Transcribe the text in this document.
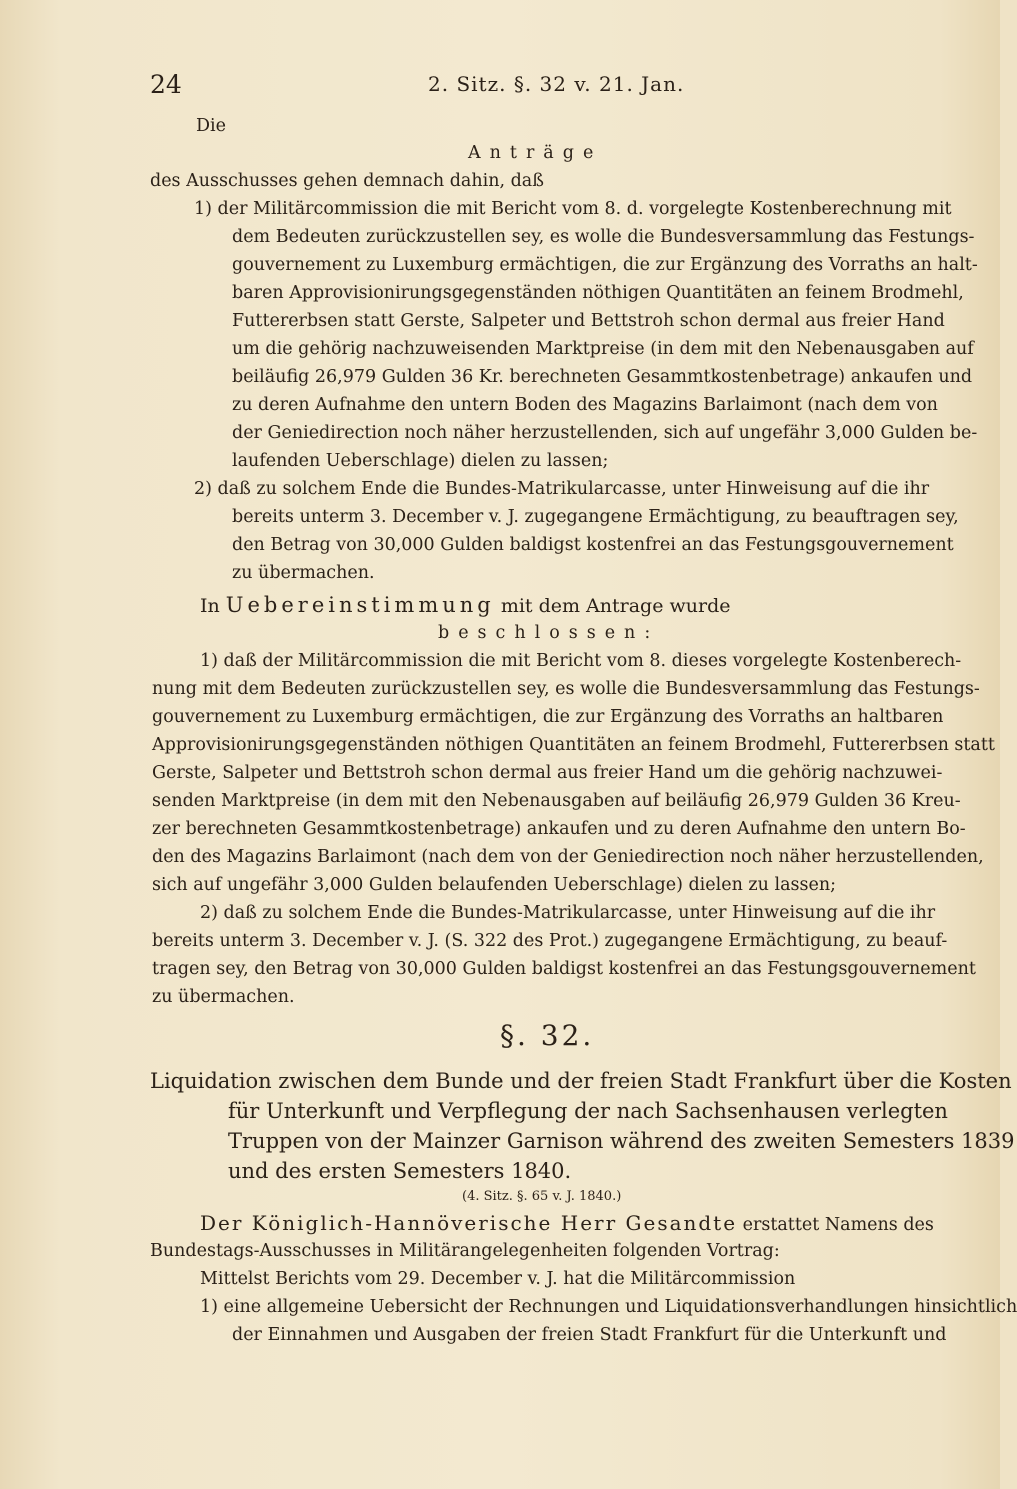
24	2. Sitz. §. 32 v. 21. Jan.
Die
Anträge
des Ausschusses gehen demnach dahin, daß
1) der Militärcommission die mit Bericht vom 8. d. vorgelegte Kostenberechnung mit
dem Bedeuten zurückzustellen sey, es wolle die Bundesversammlung das Festungs-
gouvernement zu Luxemburg ermächtigen, die zur Ergänzung des Vorraths an halt-
baren Approvisionirungsgegenständen nöthigen Quantitäten an feinem Brodmehl,
Futtererbsen statt Gerste, Salpeter und Bettstroh schon dermal aus freier Hand
um die gehörig nachzuweisenden Marktpreise (in dem mit den Nebenausgaben auf
beiläufig 26,979 Gulden 36 Kr. berechneten Gesammtkostenbetrage) ankaufen und
zu deren Aufnahme den untern Boden des Magazins Barlaimont (nach dem von
der Geniedirection noch näher herzustellenden, sich auf ungefähr 3,000 Gulden be-
laufenden Ueberschlage) dielen zu lassen;
2) daß zu solchem Ende die Bundes-Matrikularcasse, unter Hinweisung auf die ihr
bereits unterm 3. December v. J. zugegangene Ermächtigung, zu beauftragen sey,
den Betrag von 30,000 Gulden baldigst kostenfrei an das Festungsgouvernement
zu übermachen.
In Uebereinstimmung mit dem Antrage wurde
beschlossen:
1) daß der Militärcommission die mit Bericht vom 8. dieses vorgelegte Kostenberech-
nung mit dem Bedeuten zurückzustellen sey, es wolle die Bundesversammlung das Festungs-
gouvernement zu Luxemburg ermächtigen, die zur Ergänzung des Vorraths an haltbaren
Approvisionirungsgegenständen nöthigen Quantitäten an feinem Brodmehl, Futtererbsen statt
Gerste, Salpeter und Bettstroh schon dermal aus freier Hand um die gehörig nachzuwei-
senden Marktpreise (in dem mit den Nebenausgaben auf beiläufig 26,979 Gulden 36 Kreu-
zer berechneten Gesammtkostenbetrage) ankaufen und zu deren Aufnahme den untern Bo-
den des Magazins Barlaimont (nach dem von der Geniedirection noch näher herzustellenden,
sich auf ungefähr 3,000 Gulden belaufenden Ueberschlage) dielen zu lassen;
2) daß zu solchem Ende die Bundes-Matrikularcasse, unter Hinweisung auf die ihr
bereits unterm 3. December v. J. (S. 322 des Prot.) zugegangene Ermächtigung, zu beauf-
tragen sey, den Betrag von 30,000 Gulden baldigst kostenfrei an das Festungsgouvernement
zu übermachen.
§. 32.
Liquidation zwischen dem Bunde und der freien Stadt Frankfurt über die Kosten
für Unterkunft und Verpflegung der nach Sachsenhausen verlegten
Truppen von der Mainzer Garnison während des zweiten Semesters 1839
und des ersten Semesters 1840.
(4. Sitz. §. 65 v. J. 1840.)
Der Königlich-Hannöverische Herr Gesandte erstattet Namens des
Bundestags-Ausschusses in Militärangelegenheiten folgenden Vortrag:
Mittelst Berichts vom 29. December v. J. hat die Militärcommission
1) eine allgemeine Uebersicht der Rechnungen und Liquidationsverhandlungen hinsichtlich
der Einnahmen und Ausgaben der freien Stadt Frankfurt für die Unterkunft und
